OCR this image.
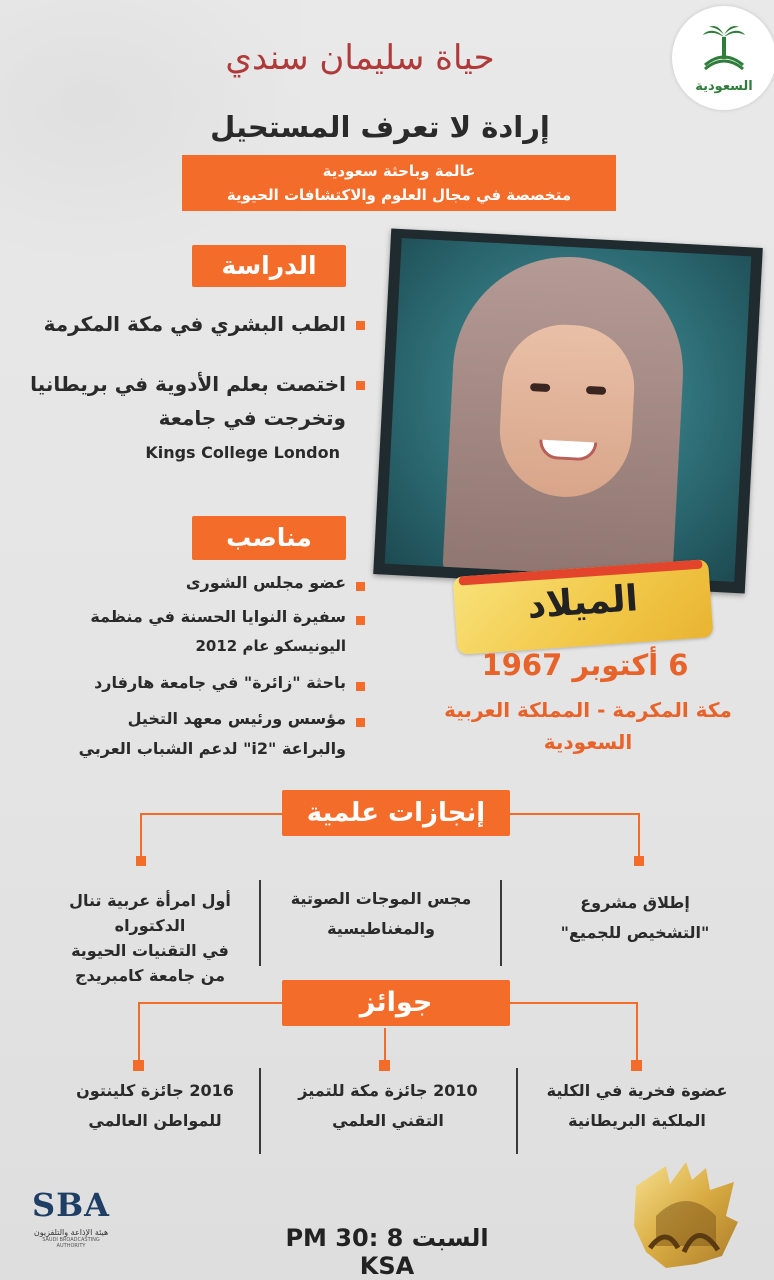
السعودية
حياة سليمان سندي
إرادة لا تعرف المستحيل
عالمة وباحثة سعودية
متخصصة في مجال العلوم والاكتشافات الحيوية
الدراسة
الطب البشري في مكة المكرمة
اختصت بعلم الأدوية في بريطانيا
وتخرجت في جامعة
Kings College London
مناصب
عضو مجلس الشورى
سفيرة النوايا الحسنة في منظمة
اليونيسكو عام 2012
باحثة "زائرة" في جامعة هارفارد
مؤسس ورئيس معهد التخيل
والبراعة "i2" لدعم الشباب العربي
الميلاد
6 أكتوبر 1967
مكة المكرمة - المملكة العربية
السعودية
إنجازات علمية
إطلاق مشروع
"التشخيص للجميع"
مجس الموجات الصوتية
والمغناطيسية
أول امرأة عربية تنال
الدكتوراه
في التقنيات الحيوية
من جامعة كامبريدج
جوائز
عضوة فخرية في الكلية
الملكية البريطانية
2010 جائزة مكة للتميز
التقني العلمي
2016 جائزة كلينتون
للمواطن العالمي
SBA
هيئة الإذاعة والتلفزيون
SAUDI BROADCASTING AUTHORITY	السبت 8 :30 PM KSA
